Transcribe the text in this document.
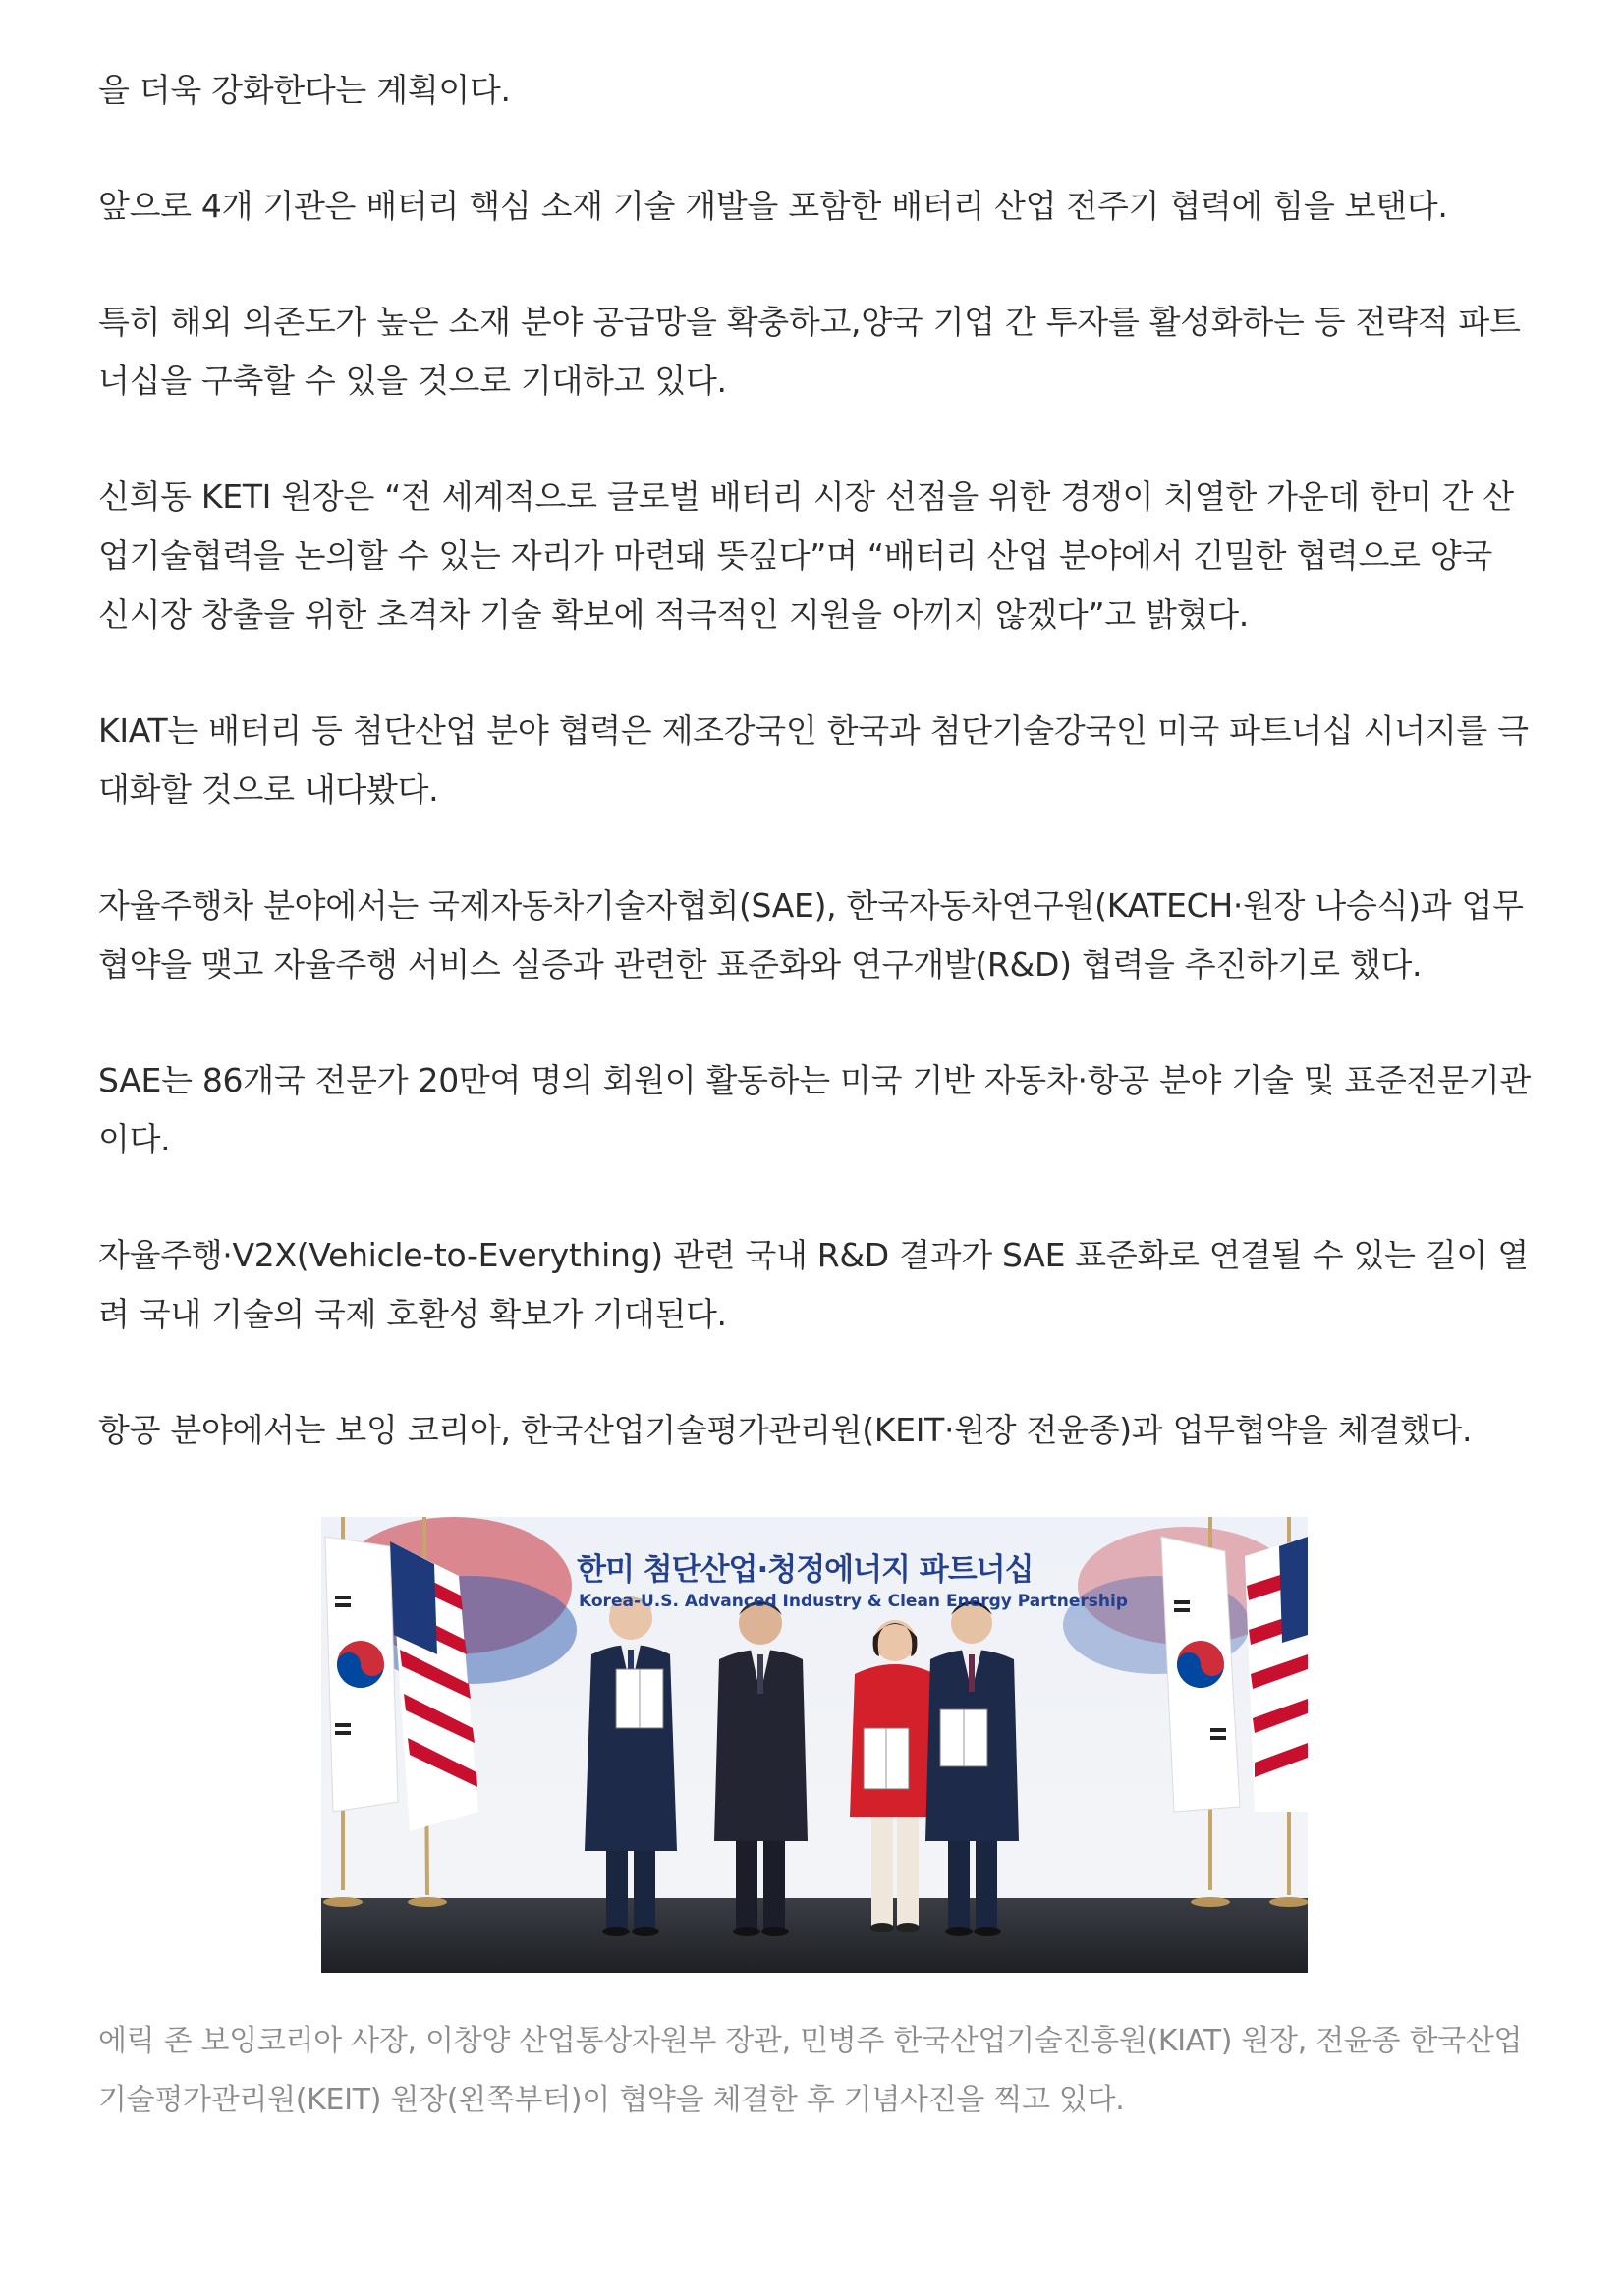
을 더욱 강화한다는 계획이다.

앞으로 4개 기관은 배터리 핵심 소재 기술 개발을 포함한 배터리 산업 전주기 협력에 힘을 보탠다.

특히 해외 의존도가 높은 소재 분야 공급망을 확충하고,양국 기업 간 투자를 활성화하는 등 전략적 파트너십을 구축할 수 있을 것으로 기대하고 있다.

신희동 KETI 원장은 “전 세계적으로 글로벌 배터리 시장 선점을 위한 경쟁이 치열한 가운데 한미 간 산업기술협력을 논의할 수 있는 자리가 마련돼 뜻깊다”며 “배터리 산업 분야에서 긴밀한 협력으로 양국 신시장 창출을 위한 초격차 기술 확보에 적극적인 지원을 아끼지 않겠다”고 밝혔다.

KIAT는 배터리 등 첨단산업 분야 협력은 제조강국인 한국과 첨단기술강국인 미국 파트너십 시너지를 극대화할 것으로 내다봤다.

자율주행차 분야에서는 국제자동차기술자협회(SAE), 한국자동차연구원(KATECH·원장 나승식)과 업무협약을 맺고 자율주행 서비스 실증과 관련한 표준화와 연구개발(R&D) 협력을 추진하기로 했다.

SAE는 86개국 전문가 20만여 명의 회원이 활동하는 미국 기반 자동차·항공 분야 기술 및 표준전문기관이다.

자율주행·V2X(Vehicle-to-Everything) 관련 국내 R&D 결과가 SAE 표준화로 연결될 수 있는 길이 열려 국내 기술의 국제 호환성 확보가 기대된다.

항공 분야에서는 보잉 코리아, 한국산업기술평가관리원(KEIT·원장 전윤종)과 업무협약을 체결했다.

한미 첨단산업·청정에너지 파트너십
Korea-U.S. Advanced Industry & Clean Energy Partnership

에릭 존 보잉코리아 사장, 이창양 산업통상자원부 장관, 민병주 한국산업기술진흥원(KIAT) 원장, 전윤종 한국산업기술평가관리원(KEIT) 원장(왼쪽부터)이 협약을 체결한 후 기념사진을 찍고 있다.
